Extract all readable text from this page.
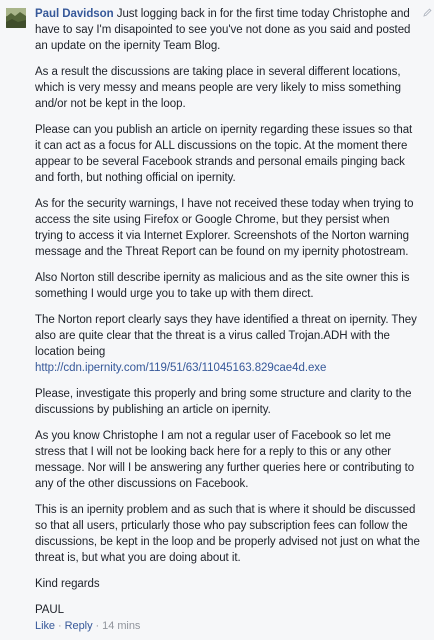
Paul Davidson Just logging back in for the first time today Christophe and have to say I'm disapointed to see you've not done as you said and posted an update on the ipernity Team Blog.

As a result the discussions are taking place in several different locations, which is very messy and means people are very likely to miss something and/or not be kept in the loop.

Please can you publish an article on ipernity regarding these issues so that it can act as a focus for ALL discussions on the topic. At the moment there appear to be several Facebook strands and personal emails pinging back and forth, but nothing official on ipernity.

As for the security warnings, I have not received these today when trying to access the site using Firefox or Google Chrome, but they persist when trying to access it via Internet Explorer. Screenshots of the Norton warning message and the Threat Report can be found on my ipernity photostream.

Also Norton still describe ipernity as malicious and as the site owner this is something I would urge you to take up with them direct.

The Norton report clearly says they have identified a threat on ipernity. They also are quite clear that the threat is a virus called Trojan.ADH with the location being
http://cdn.ipernity.com/119/51/63/11045163.829cae4d.exe

Please, investigate this properly and bring some structure and clarity to the discussions by publishing an article on ipernity.

As you know Christophe I am not a regular user of Facebook so let me stress that I will not be looking back here for a reply to this or any other message. Nor will I be answering any further queries here or contributing to any of the other discussions on Facebook.

This is an ipernity problem and as such that is where it should be discussed so that all users, prticularly those who pay subscription fees can follow the discussions, be kept in the loop and be properly advised not just on what the threat is, but what you are doing about it.

Kind regards

PAUL

Like · Reply · 14 mins
